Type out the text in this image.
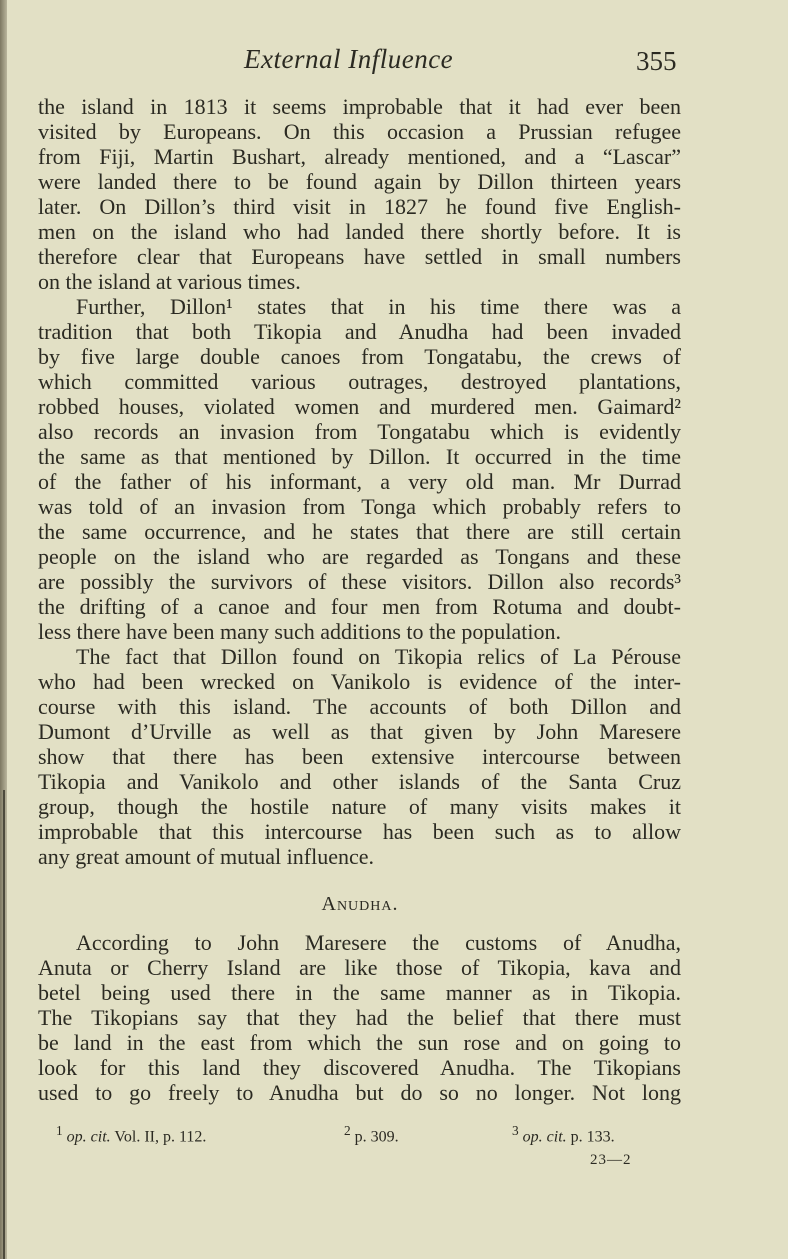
External Influence	355
the island in 1813 it seems improbable that it had ever been
visited by Europeans. On this occasion a Prussian refugee
from Fiji, Martin Bushart, already mentioned, and a “Lascar”
were landed there to be found again by Dillon thirteen years
later. On Dillon’s third visit in 1827 he found five English-
men on the island who had landed there shortly before. It is
therefore clear that Europeans have settled in small numbers
on the island at various times.
Further, Dillon¹ states that in his time there was a
tradition that both Tikopia and Anudha had been invaded
by five large double canoes from Tongatabu, the crews of
which committed various outrages, destroyed plantations,
robbed houses, violated women and murdered men. Gaimard²
also records an invasion from Tongatabu which is evidently
the same as that mentioned by Dillon. It occurred in the time
of the father of his informant, a very old man. Mr Durrad
was told of an invasion from Tonga which probably refers to
the same occurrence, and he states that there are still certain
people on the island who are regarded as Tongans and these
are possibly the survivors of these visitors. Dillon also records³
the drifting of a canoe and four men from Rotuma and doubt-
less there have been many such additions to the population.
The fact that Dillon found on Tikopia relics of La Pérouse
who had been wrecked on Vanikolo is evidence of the inter-
course with this island. The accounts of both Dillon and
Dumont d’Urville as well as that given by John Maresere
show that there has been extensive intercourse between
Tikopia and Vanikolo and other islands of the Santa Cruz
group, though the hostile nature of many visits makes it
improbable that this intercourse has been such as to allow
any great amount of mutual influence.
Anudha.
According to John Maresere the customs of Anudha,
Anuta or Cherry Island are like those of Tikopia, kava and
betel being used there in the same manner as in Tikopia.
The Tikopians say that they had the belief that there must
be land in the east from which the sun rose and on going to
look for this land they discovered Anudha. The Tikopians
used to go freely to Anudha but do so no longer. Not long
$^1$ op. cit. Vol. II, p. 112.	$^2$ p. 309.	$^3$ op. cit. p. 133.
23—2
